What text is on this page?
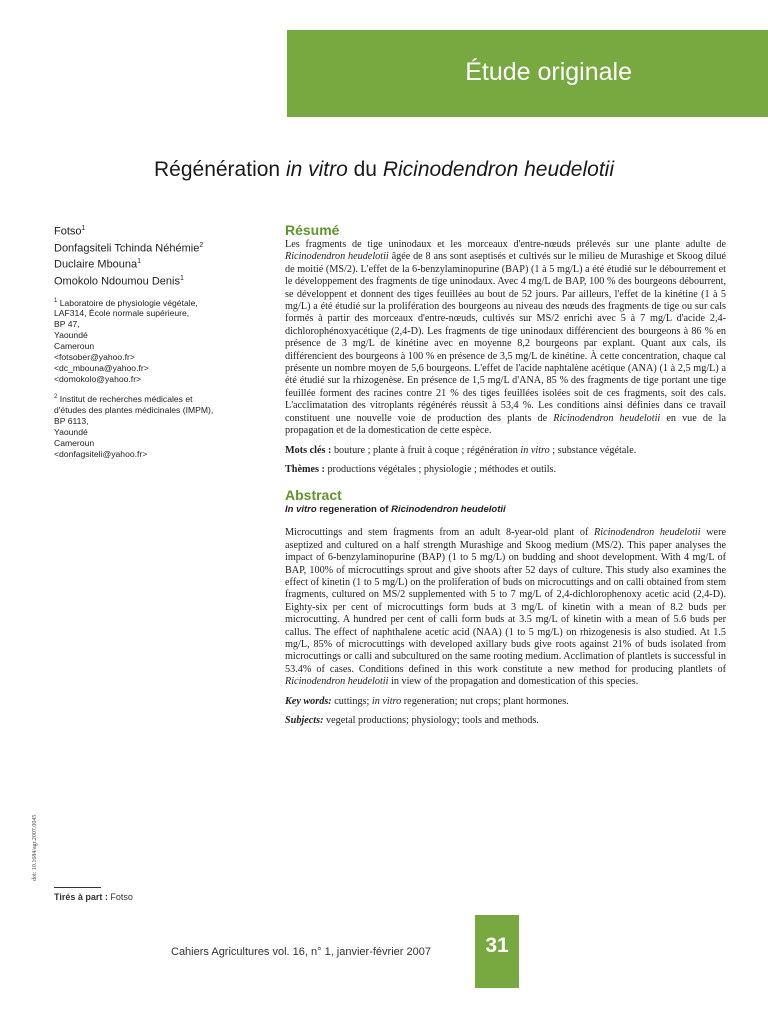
Étude originale
Régénération in vitro du Ricinodendron heudelotii
Fotso$^1$
Donfagsiteli Tchinda Néhémie$^2$
Duclaire Mbouna$^1$
Omokolo Ndoumou Denis$^1$
$^1$ Laboratoire de physiologie végétale,
LAF314, École normale supérieure,
BP 47,
Yaoundé
Cameroun
<fotsober@yahoo.fr>
<dc_mbouna@yahoo.fr>
<domokolo@yahoo.fr>
$^2$ Institut de recherches médicales et
d'études des plantes médicinales (IMPM),
BP 6113,
Yaoundé
Cameroun
<donfagsiteli@yahoo.fr>
doi: 10.1684/agr.2007.0045
Tirés à part : Fotso
Résumé

Les fragments de tige uninodaux et les morceaux d'entre-nœuds prélevés sur une plante adulte de Ricinodendron heudelotii âgée de 8 ans sont aseptisés et cultivés sur le milieu de Murashige et Skoog dilué de moitié (MS/2). L'effet de la 6-benzylaminopurine (BAP) (1 à 5 mg/L) a été étudié sur le débourrement et le développement des fragments de tige uninodaux. Avec 4 mg/L de BAP, 100 % des bourgeons débourrent, se développent et donnent des tiges feuillées au bout de 52 jours. Par ailleurs, l'effet de la kinétine (1 à 5 mg/L) a été étudié sur la prolifération des bourgeons au niveau des nœuds des fragments de tige ou sur cals formés à partir des morceaux d'entre-nœuds, cultivés sur MS/2 enrichi avec 5 à 7 mg/L d'acide 2,4-dichlorophénoxyacétique (2,4-D). Les fragments de tige uninodaux différencient des bourgeons à 86 % en présence de 3 mg/L de kinétine avec en moyenne 8,2 bourgeons par explant. Quant aux cals, ils différencient des bourgeons à 100 % en présence de 3,5 mg/L de kinétine. À cette concentration, chaque cal présente un nombre moyen de 5,6 bourgeons. L'effet de l'acide naphtalène acétique (ANA) (1 à 2,5 mg/L) a été étudié sur la rhizogenèse. En présence de 1,5 mg/L d'ANA, 85 % des fragments de tige portant une tige feuillée forment des racines contre 21 % des tiges feuillées isolées soit de ces fragments, soit des cals. L'acclimatation des vitroplants régénérés réussit à 53,4 %. Les conditions ainsi définies dans ce travail constituent une nouvelle voie de production des plants de Ricinodendron heudelotii en vue de la propagation et de la domestication de cette espèce.

Mots clés : bouture ; plante à fruit à coque ; régénération in vitro ; substance végétale.
Thèmes : productions végétales ; physiologie ; méthodes et outils.
Abstract
In vitro regeneration of Ricinodendron heudelotii

Microcuttings and stem fragments from an adult 8-year-old plant of Ricinodendron heudelotii were aseptized and cultured on a half strength Murashige and Skoog medium (MS/2). This paper analyses the impact of 6-benzylaminopurine (BAP) (1 to 5 mg/L) on budding and shoot development. With 4 mg/L of BAP, 100% of microcuttings sprout and give shoots after 52 days of culture. This study also examines the effect of kinetin (1 to 5 mg/L) on the proliferation of buds on microcuttings and on calli obtained from stem fragments, cultured on MS/2 supplemented with 5 to 7 mg/L of 2,4-dichlorophenoxy acetic acid (2,4-D). Eighty-six per cent of microcuttings form buds at 3 mg/L of kinetin with a mean of 8.2 buds per microcutting. A hundred per cent of calli form buds at 3.5 mg/L of kinetin with a mean of 5.6 buds per callus. The effect of naphthalene acetic acid (NAA) (1 to 5 mg/L) on rhizogenesis is also studied. At 1.5 mg/L, 85% of microcuttings with developed axillary buds give roots against 21% of buds isolated from microcuttings or calli and subcultured on the same rooting medium. Acclimation of plantlets is successful in 53.4% of cases. Conditions defined in this work constitute a new method for producing plantlets of Ricinodendron heudelotii in view of the propagation and domestication of this species.

Key words: cuttings; in vitro regeneration; nut crops; plant hormones.
Subjects: vegetal productions; physiology; tools and methods.
Cahiers Agricultures vol. 16, n° 1, janvier-février 2007	31
